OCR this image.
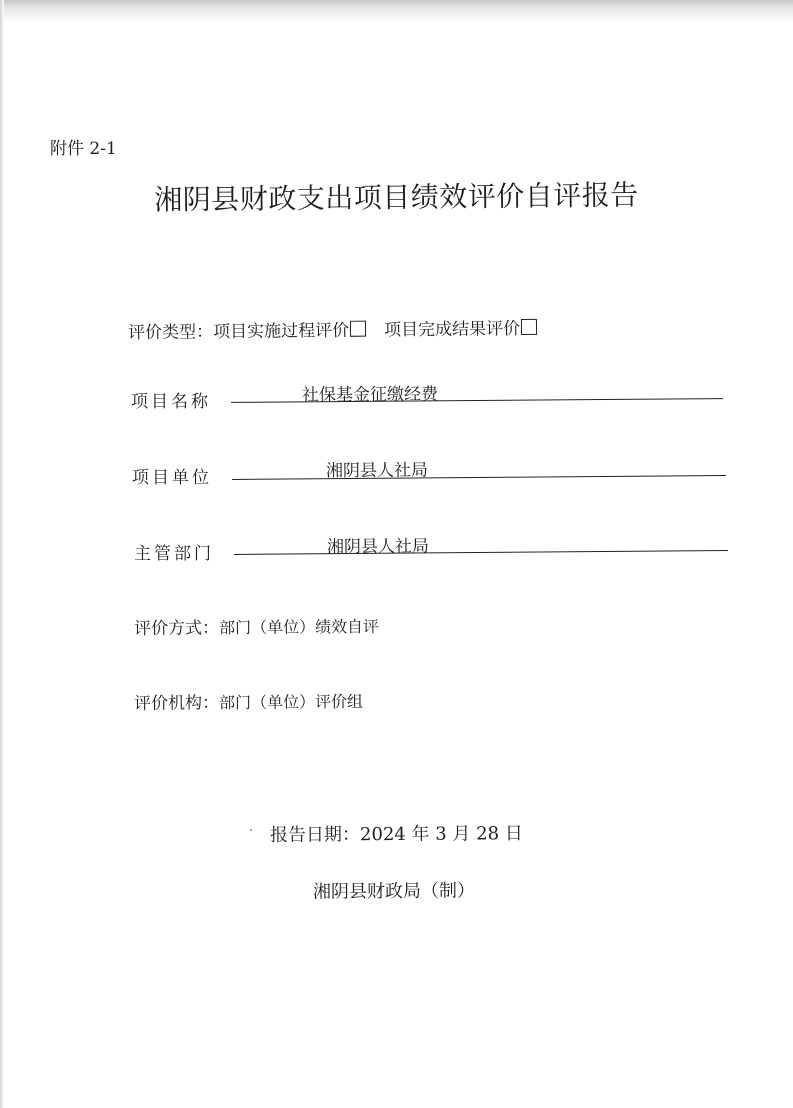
附件 2-1
湘阴县财政支出项目绩效评价自评报告
评价类型：项目实施过程评价 项目完成结果评价
项目名称	社保基金征缴经费
项目单位	湘阴县人社局
主管部门	湘阴县人社局
评价方式：部门（单位）绩效自评
评价机构：部门（单位）评价组
报告日期：2024 年 3 月 28 日
湘阴县财政局（制）
